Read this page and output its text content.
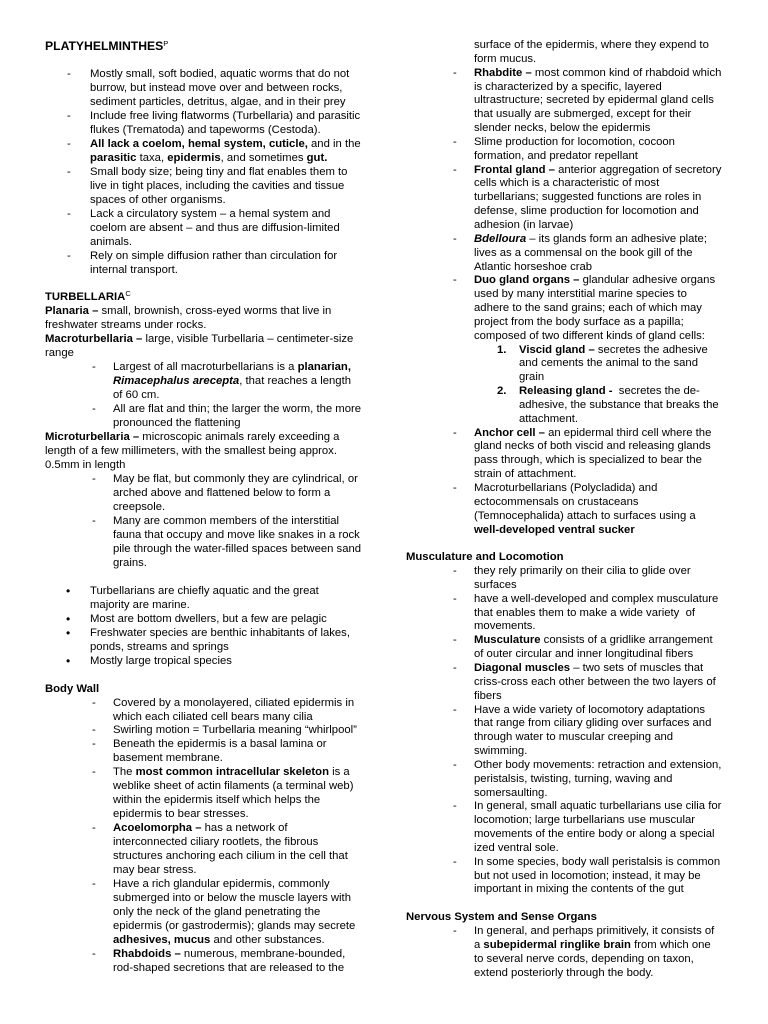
$PLATYHELMINTHES^P$
-	Mostly small, soft bodied, aquatic worms that do not
burrow, but instead move over and between rocks,
sediment particles, detritus, algae, and in their prey
-	Include free living flatworms (Turbellaria) and parasitic
flukes (Trematoda) and tapeworms (Cestoda).
-	All lack a coelom, hemal system, cuticle, and in the
parasitic taxa, epidermis, and sometimes gut.
-	Small body size; being tiny and flat enables them to
live in tight places, including the cavities and tissue
spaces of other organisms.
-	Lack a circulatory system – a hemal system and
coelom are absent – and thus are diffusion-limited
animals.
-	Rely on simple diffusion rather than circulation for
internal transport.
$TURBELLARIA^C$
Planaria – small, brownish, cross-eyed worms that live in
freshwater streams under rocks.
Macroturbellaria – large, visible Turbellaria – centimeter-size
range
-	Largest of all macroturbellarians is a planarian,
Rimacephalus arecepta, that reaches a length
of 60 cm.
-	All are flat and thin; the larger the worm, the more
pronounced the flattening
Microturbellaria – microscopic animals rarely exceeding a
length of a few millimeters, with the smallest being approx.
0.5mm in length
-	May be flat, but commonly they are cylindrical, or
arched above and flattened below to form a
creepsole.
-	Many are common members of the interstitial
fauna that occupy and move like snakes in a rock
pile through the water-filled spaces between sand
grains.
•	Turbellarians are chiefly aquatic and the great
majority are marine.
•	Most are bottom dwellers, but a few are pelagic
•	Freshwater species are benthic inhabitants of lakes,
ponds, streams and springs
•	Mostly large tropical species
Body Wall
-	Covered by a monolayered, ciliated epidermis in
which each ciliated cell bears many cilia
-	Swirling motion = Turbellaria meaning “whirlpool”
-	Beneath the epidermis is a basal lamina or
basement membrane.
-	The most common intracellular skeleton is a
weblike sheet of actin filaments (a terminal web)
within the epidermis itself which helps the
epidermis to bear stresses.
-	Acoelomorpha – has a network of
interconnected ciliary rootlets, the fibrous
structures anchoring each cilium in the cell that
may bear stress.
-	Have a rich glandular epidermis, commonly
submerged into or below the muscle layers with
only the neck of the gland penetrating the
epidermis (or gastrodermis); glands may secrete
adhesives, mucus and other substances.
-	Rhabdoids – numerous, membrane-bounded,
rod-shaped secretions that are released to the
surface of the epidermis, where they expend to
form mucus.
-	Rhabdite – most common kind of rhabdoid which
is characterized by a specific, layered
ultrastructure; secreted by epidermal gland cells
that usually are submerged, except for their
slender necks, below the epidermis
-	Slime production for locomotion, cocoon
formation, and predator repellant
-	Frontal gland – anterior aggregation of secretory
cells which is a characteristic of most
turbellarians; suggested functions are roles in
defense, slime production for locomotion and
adhesion (in larvae)
-	Bdelloura – its glands form an adhesive plate;
lives as a commensal on the book gill of the
Atlantic horseshoe crab
-	Duo gland organs – glandular adhesive organs
used by many interstitial marine species to
adhere to the sand grains; each of which may
project from the body surface as a papilla;
composed of two different kinds of gland cells:
1.	Viscid gland – secretes the adhesive
and cements the animal to the sand
grain
2.	Releasing gland -  secretes the de-
adhesive, the substance that breaks the
attachment.
-	Anchor cell – an epidermal third cell where the
gland necks of both viscid and releasing glands
pass through, which is specialized to bear the
strain of attachment.
-	Macroturbellarians (Polycladida) and
ectocommensals on crustaceans
(Temnocephalida) attach to surfaces using a
well-developed ventral sucker
Musculature and Locomotion
-	they rely primarily on their cilia to glide over
surfaces
-	have a well-developed and complex musculature
that enables them to make a wide variety  of
movements.
-	Musculature consists of a gridlike arrangement
of outer circular and inner longitudinal fibers
-	Diagonal muscles – two sets of muscles that
criss-cross each other between the two layers of
fibers
-	Have a wide variety of locomotory adaptations
that range from ciliary gliding over surfaces and
through water to muscular creeping and
swimming.
-	Other body movements: retraction and extension,
peristalsis, twisting, turning, waving and
somersaulting.
-	In general, small aquatic turbellarians use cilia for
locomotion; large turbellarians use muscular
movements of the entire body or along a special
ized ventral sole.
-	In some species, body wall peristalsis is common
but not used in locomotion; instead, it may be
important in mixing the contents of the gut
Nervous System and Sense Organs
-	In general, and perhaps primitively, it consists of
a subepidermal ringlike brain from which one
to several nerve cords, depending on taxon,
extend posteriorly through the body.
